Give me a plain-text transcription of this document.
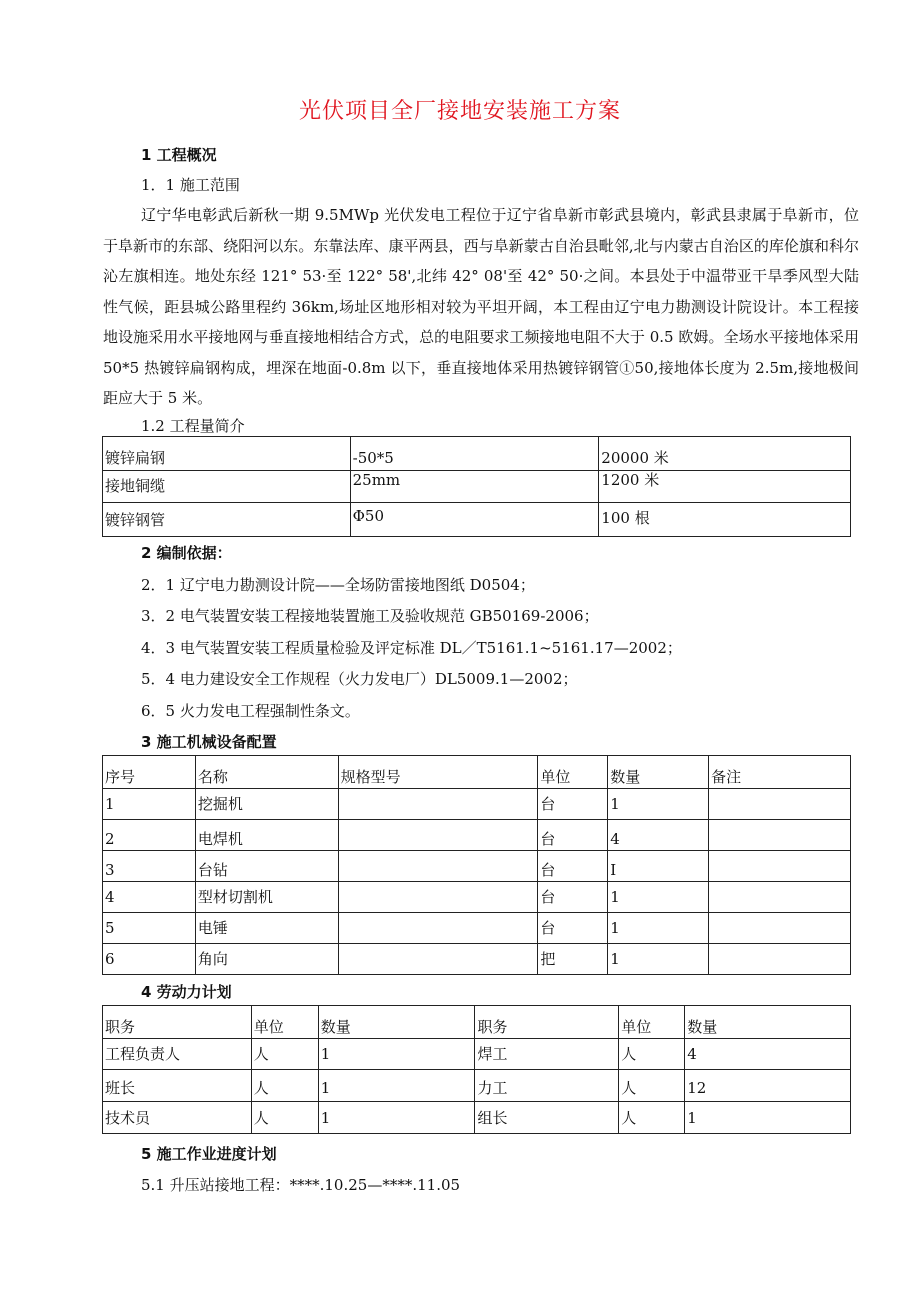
光伏项目全厂接地安装施工方案
1 工程概况
1．1 施工范围
辽宁华电彰武后新秋一期 9.5MWp 光伏发电工程位于辽宁省阜新市彰武县境内，彰武县隶属于阜新市，位于阜新市的东部、绕阳河以东。东靠法库、康平两县，西与阜新蒙古自治县毗邻,北与内蒙古自治区的库伦旗和科尔沁左旗相连。地处东经 121° 53·至 122° 58',北纬 42° 08'至 42° 50·之间。本县处于中温带亚干旱季风型大陆性气候，距县城公路里程约 36km,场址区地形相对较为平坦开阔，本工程由辽宁电力勘测设计院设计。本工程接地设施采用水平接地网与垂直接地相结合方式，总的电阻要求工频接地电阻不大于 0.5 欧姆。全场水平接地体采用 50*5 热镀锌扁钢构成，埋深在地面-0.8m 以下，垂直接地体采用热镀锌钢管①50,接地体长度为 2.5m,接地极间距应大于 5 米。
1.2 工程量简介
镀锌扁钢	-50*5	20000 米
接地铜缆	25mm	1200 米
镀锌钢管	Φ50	100 根
2 编制依据：
2．1 辽宁电力勘测设计院——全场防雷接地图纸 D0504；
3．2 电气装置安装工程接地装置施工及验收规范 GB50169-2006；
4．3 电气装置安装工程质量检验及评定标准 DL／T5161.1~5161.17—2002；
5．4 电力建设安全工作规程（火力发电厂）DL5009.1—2002；
6．5 火力发电工程强制性条文。
3 施工机械设备配置
序号	名称	规格型号	单位	数量	备注
1	挖掘机		台	1	
2	电焊机		台	4	
3	台钻		台	I	
4	型材切割机		台	1	
5	电锤		台	1	
6	角向		把	1	
4 劳动力计划
职务	单位	数量	职务	单位	数量
工程负责人	人	1	焊工	人	4
班长	人	1	力工	人	12
技术员	人	1	组长	人	1
5 施工作业进度计划
5.1 升压站接地工程：****.10.25—****.11.05
